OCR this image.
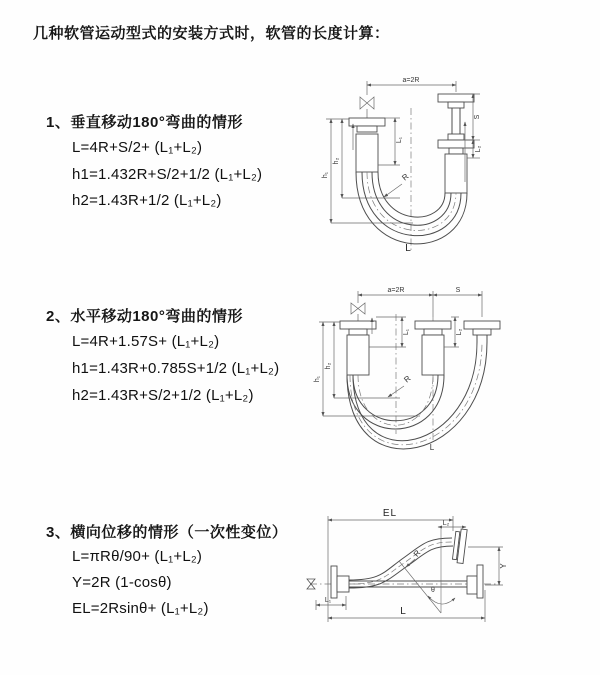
几种软管运动型式的安装方式时，软管的长度计算：
1、垂直移动180°弯曲的情形
L=4R+S/2+ (L₁+L₂)
h1=1.432R+S/2+1/2 (L₁+L₂)
h2=1.43R+1/2 (L₁+L₂)
2、水平移动180°弯曲的情形
L=4R+1.57S+ (L₁+L₂)
h1=1.43R+0.785S+1/2 (L₁+L₂)
h2=1.43R+S/2+1/2 (L₁+L₂)
3、横向位移的情形（一次性变位）
L=πRθ/90+ (L₁+L₂)
Y=2R (1-cosθ)
EL=2Rsinθ+ (L₁+L₂)
a=2R
L₁
S
L₂
h₁
h₂
R
L
a=2R	S
L₁	L₂
h₁
h₂
R
L
EL
L₂
Y
θ
R
L
L₁
